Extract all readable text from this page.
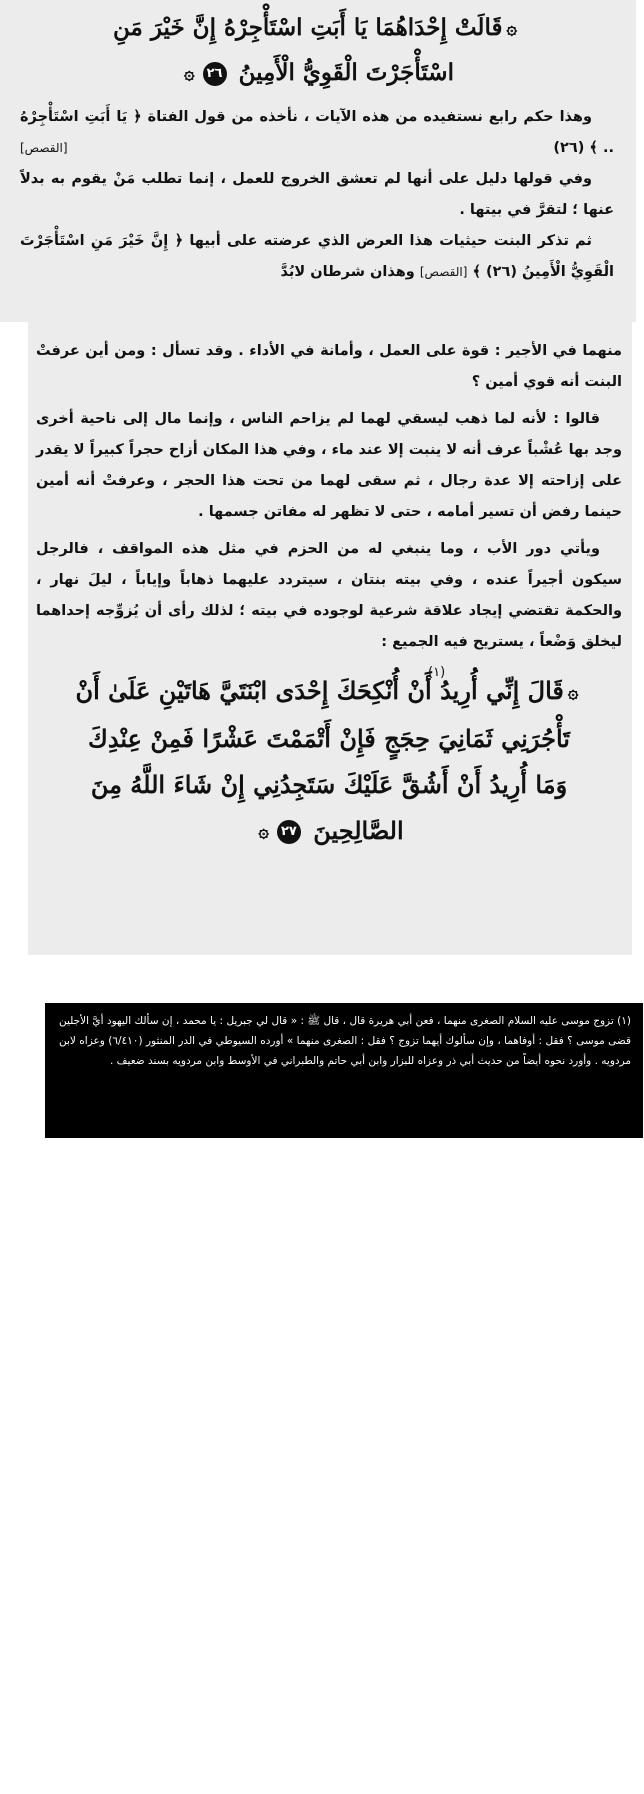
۞قَالَتْ إِحْدَاهُمَا يَا أَبَتِ اسْتَأْجِرْهُ إِنَّ خَيْرَ مَنِ
اسْتَأْجَرْتَ الْقَوِيُّ الْأَمِينُ ٢٦۞

وهذا حكم رابع نستفيده من هذه الآيات ، نأخذه من قول الفتاة ﴿ يَا أَبَتِ اسْتَأْجِرْهُ .. ﴾ (٢٦)
[القصص]

وفي قولها دليل على أنها لم تعشق الخروج للعمل ، إنما تطلب مَنْ يقوم به بدلاً عنها ؛ لتقرَّ في بيتها .

ثم تذكر البنت حيثيات هذا العرض الذي عرضته على أبيها ﴿ إِنَّ خَيْرَ مَنِ اسْتَأْجَرْتَ الْقَوِيُّ الْأَمِينُ (٢٦) ﴾ [القصص] وهذان شرطان لابُدَّ

منهما في الأجير : قوة على العمل ، وأمانة في الأداء . وقد تسأل : ومن أين عرفتْ البنت أنه قوي أمين ؟

قالوا : لأنه لما ذهب ليسقي لهما لم يزاحم الناس ، وإنما مال إلى ناحية أخرى وجد بها عُشْباً عرف أنه لا ينبت إلا عند ماء ، وفي هذا المكان أزاح حجراً كبيراً لا يقدر على إزاحته إلا عدة رجال ، ثم سقى لهما من تحت هذا الحجر ، وعرفتْ أنه أمين حينما رفض أن تسير أمامه ، حتى لا تظهر له مفاتن جسمها .

ويأتي دور الأب ، وما ينبغي له من الحزم في مثل هذه المواقف ، فالرجل سيكون أجيراً عنده ، وفي بيته بنتان ، سيتردد عليهما ذهاباً وإياباً ، ليلَ نهار ، والحكمة تقتضي إيجاد علاقة شرعية لوجوده في بيته ؛ لذلك رأى أن يُزوِّجه إحداهما ليخلق وَضْعاً ، يستريح فيه الجميع :

(١)
۞قَالَ إِنِّي أُرِيدُ أَنْ أُنْكِحَكَ إِحْدَى ابْنَتَيَّ هَاتَيْنِ عَلَىٰ أَنْ
تَأْجُرَنِي ثَمَانِيَ حِجَجٍ فَإِنْ أَتْمَمْتَ عَشْرًا فَمِنْ عِنْدِكَ
وَمَا أُرِيدُ أَنْ أَشُقَّ عَلَيْكَ سَتَجِدُنِي إِنْ شَاءَ اللَّهُ مِنَ
الصَّالِحِينَ ٢٧۞
(١) تزوج موسى عليه السلام الصغرى منهما ، فعن أبي هريرة قال ، قال ﷺ : « قال لي جبريل : يا محمد ، إن سألك اليهود أيَّ الأجلين قضى موسى ؟ فقل : أوفاهما ، وإن سألوك أيهما تزوج ؟ فقل : الصغرى منهما » أورده السيوطي في الدر المنثور (٦/٤١٠) وعزاه لابن مردويه . وأورد نحوه أيضاً من حديث أبي ذر وعزاه للبزار وابن أبي حاتم والطبراني في الأوسط وابن مردويه بسند ضعيف .
